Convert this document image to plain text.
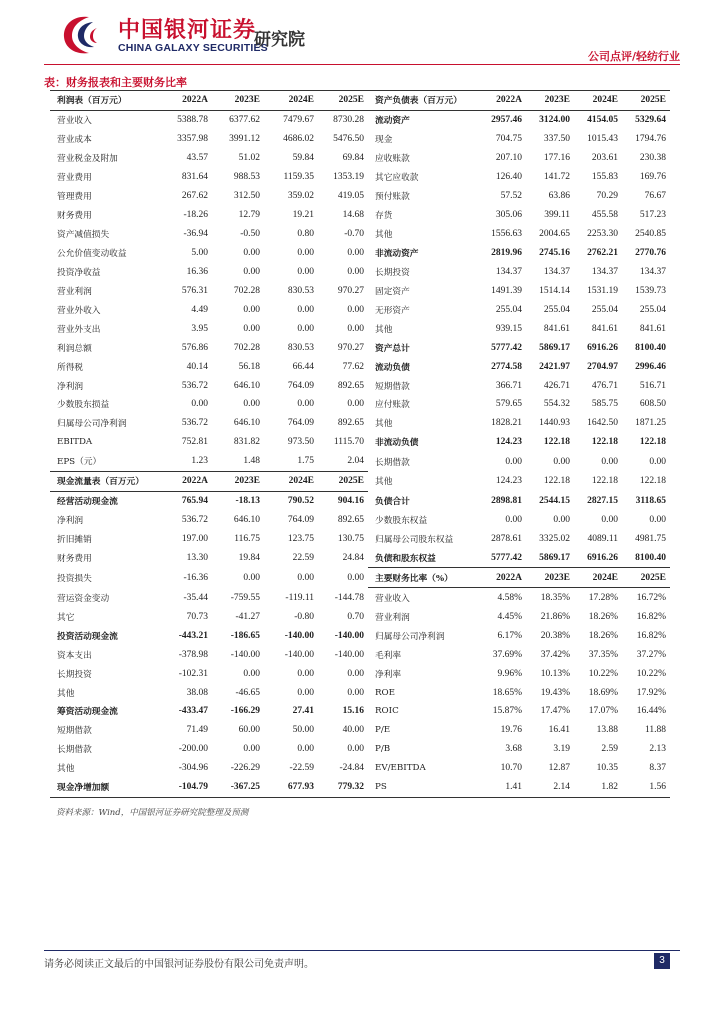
中国银河证券
CHINA GALAXY SECURITIES
研究院
公司点评/轻纺行业
表：财务报表和主要财务比率
利润表（百万元）	2022A	2023E	2024E	2025E	资产负债表（百万元）	2022A	2023E	2024E	2025E
营业收入	5388.78	6377.62	7479.67	8730.28	流动资产	2957.46	3124.00	4154.05	5329.64
营业成本	3357.98	3991.12	4686.02	5476.50	现金	704.75	337.50	1015.43	1794.76
营业税金及附加	43.57	51.02	59.84	69.84	应收账款	207.10	177.16	203.61	230.38
营业费用	831.64	988.53	1159.35	1353.19	其它应收款	126.40	141.72	155.83	169.76
管理费用	267.62	312.50	359.02	419.05	预付账款	57.52	63.86	70.29	76.67
财务费用	-18.26	12.79	19.21	14.68	存货	305.06	399.11	455.58	517.23
资产减值损失	-36.94	-0.50	0.80	-0.70	其他	1556.63	2004.65	2253.30	2540.85
公允价值变动收益	5.00	0.00	0.00	0.00	非流动资产	2819.96	2745.16	2762.21	2770.76
投资净收益	16.36	0.00	0.00	0.00	长期投资	134.37	134.37	134.37	134.37
营业利润	576.31	702.28	830.53	970.27	固定资产	1491.39	1514.14	1531.19	1539.73
营业外收入	4.49	0.00	0.00	0.00	无形资产	255.04	255.04	255.04	255.04
营业外支出	3.95	0.00	0.00	0.00	其他	939.15	841.61	841.61	841.61
利润总额	576.86	702.28	830.53	970.27	资产总计	5777.42	5869.17	6916.26	8100.40
所得税	40.14	56.18	66.44	77.62	流动负债	2774.58	2421.97	2704.97	2996.46
净利润	536.72	646.10	764.09	892.65	短期借款	366.71	426.71	476.71	516.71
少数股东损益	0.00	0.00	0.00	0.00	应付账款	579.65	554.32	585.75	608.50
归属母公司净利润	536.72	646.10	764.09	892.65	其他	1828.21	1440.93	1642.50	1871.25
EBITDA	752.81	831.82	973.50	1115.70	非流动负债	124.23	122.18	122.18	122.18
EPS（元）	1.23	1.48	1.75	2.04	长期借款	0.00	0.00	0.00	0.00
现金流量表（百万元）	2022A	2023E	2024E	2025E	其他	124.23	122.18	122.18	122.18
经营活动现金流	765.94	-18.13	790.52	904.16	负债合计	2898.81	2544.15	2827.15	3118.65
净利润	536.72	646.10	764.09	892.65	少数股东权益	0.00	0.00	0.00	0.00
折旧摊销	197.00	116.75	123.75	130.75	归属母公司股东权益	2878.61	3325.02	4089.11	4981.75
财务费用	13.30	19.84	22.59	24.84	负债和股东权益	5777.42	5869.17	6916.26	8100.40
投资损失	-16.36	0.00	0.00	0.00	主要财务比率（%）	2022A	2023E	2024E	2025E
营运资金变动	-35.44	-759.55	-119.11	-144.78	营业收入	4.58%	18.35%	17.28%	16.72%
其它	70.73	-41.27	-0.80	0.70	营业利润	4.45%	21.86%	18.26%	16.82%
投资活动现金流	-443.21	-186.65	-140.00	-140.00	归属母公司净利润	6.17%	20.38%	18.26%	16.82%
资本支出	-378.98	-140.00	-140.00	-140.00	毛利率	37.69%	37.42%	37.35%	37.27%
长期投资	-102.31	0.00	0.00	0.00	净利率	9.96%	10.13%	10.22%	10.22%
其他	38.08	-46.65	0.00	0.00	ROE	18.65%	19.43%	18.69%	17.92%
筹资活动现金流	-433.47	-166.29	27.41	15.16	ROIC	15.87%	17.47%	17.07%	16.44%
短期借款	71.49	60.00	50.00	40.00	P/E	19.76	16.41	13.88	11.88
长期借款	-200.00	0.00	0.00	0.00	P/B	3.68	3.19	2.59	2.13
其他	-304.96	-226.29	-22.59	-24.84	EV/EBITDA	10.70	12.87	10.35	8.37
现金净增加额	-104.79	-367.25	677.93	779.32	PS	1.41	2.14	1.82	1.56
资料来源：Wind，中国银河证券研究院整理及预测
请务必阅读正文最后的中国银河证券股份有限公司免责声明。	3
